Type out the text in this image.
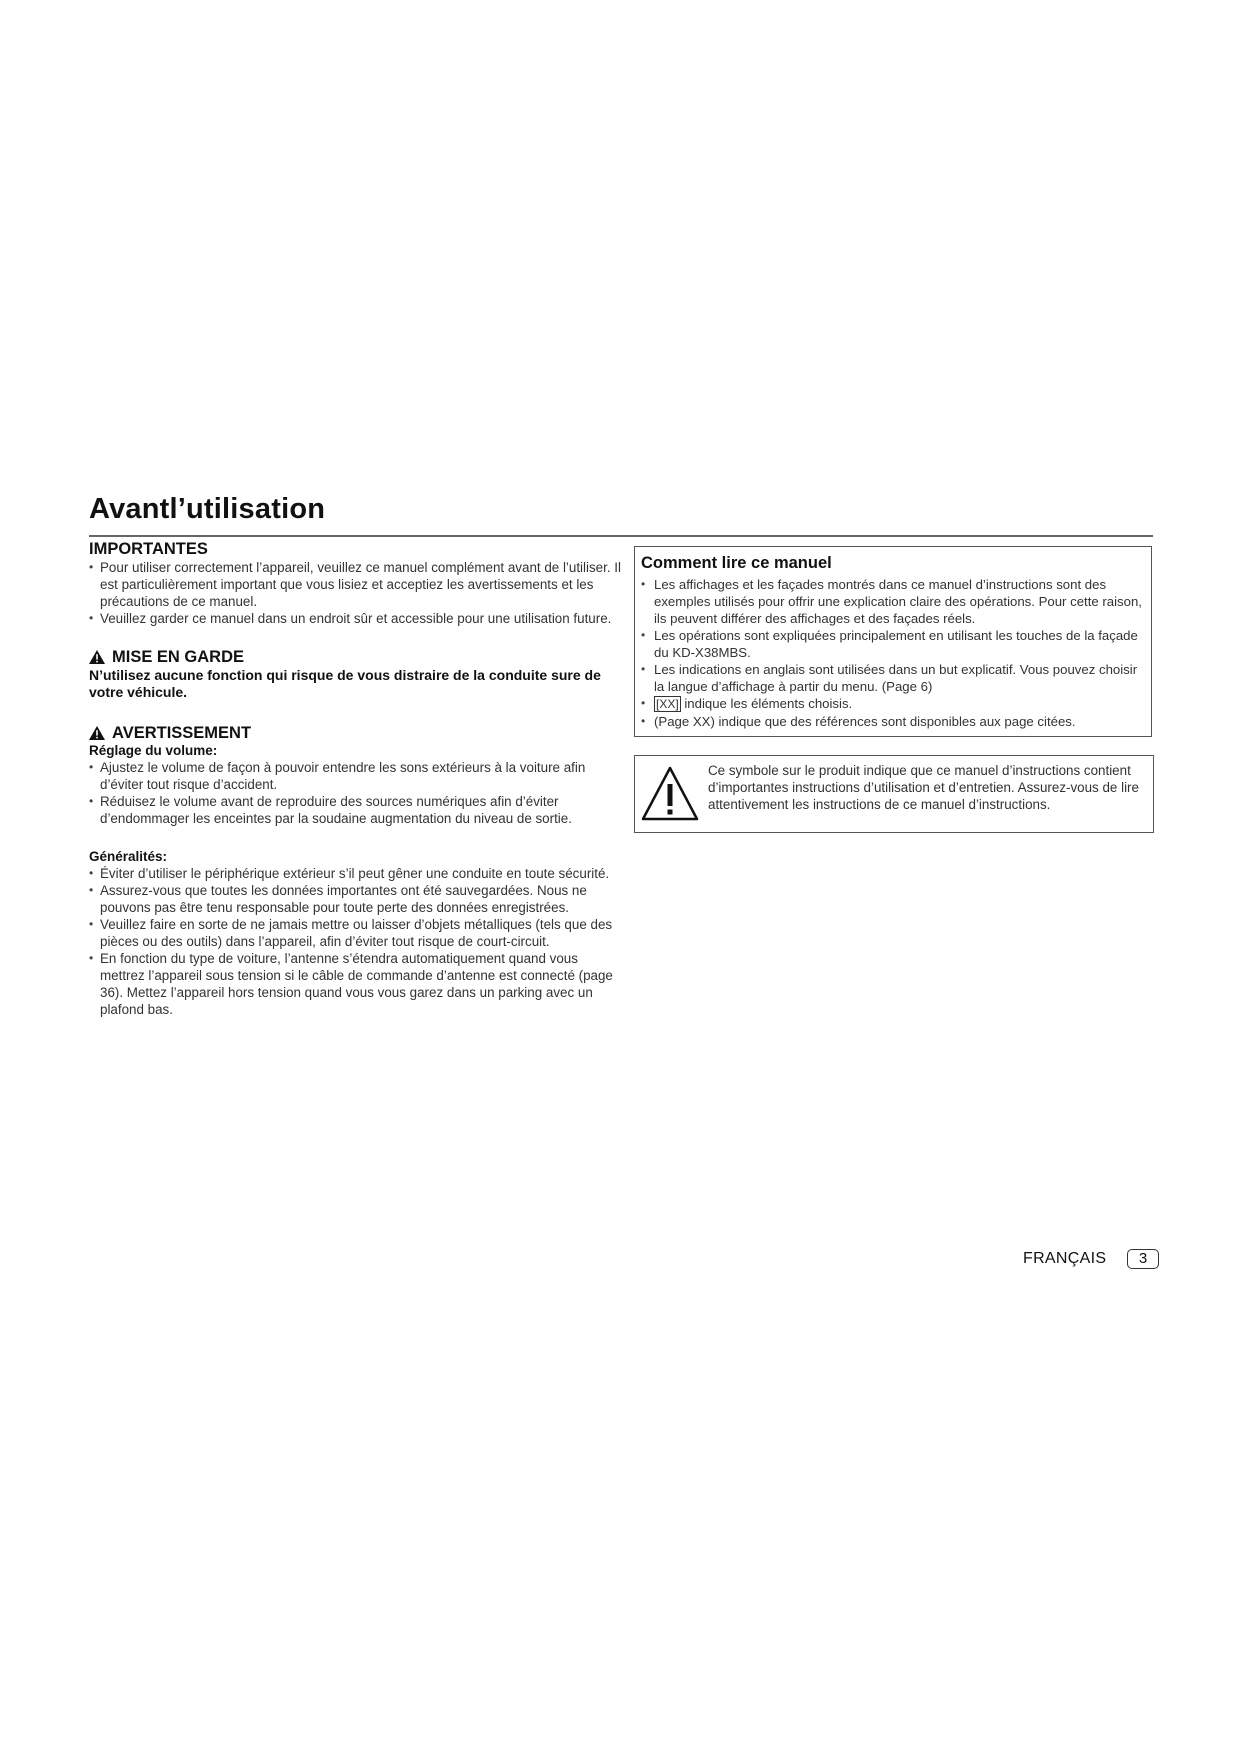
Avantl’utilisation
IMPORTANTES
• Pour utiliser correctement l’appareil, veuillez ce manuel complément avant de l’utiliser. Il est particulièrement important que vous lisiez et acceptiez les avertissements et les précautions de ce manuel.
• Veuillez garder ce manuel dans un endroit sûr et accessible pour une utilisation future.
MISE EN GARDE

N’utilisez aucune fonction qui risque de vous distraire de la conduite sure de votre véhicule.

AVERTISSEMENT

Réglage du volume:

• Ajustez le volume de façon à pouvoir entendre les sons extérieurs à la voiture afin d’éviter tout risque d’accident.
• Réduisez le volume avant de reproduire des sources numériques afin d’éviter d’endommager les enceintes par la soudaine augmentation du niveau de sortie.

Généralités:

• Éviter d’utiliser le périphérique extérieur s’il peut gêner une conduite en toute sécurité.
• Assurez-vous que toutes les données importantes ont été sauvegardées. Nous ne pouvons pas être tenu responsable pour toute perte des données enregistrées.
• Veuillez faire en sorte de ne jamais mettre ou laisser d’objets métalliques (tels que des pièces ou des outils) dans l’appareil, afin d’éviter tout risque de court-circuit.
• En fonction du type de voiture, l’antenne s’étendra automatiquement quand vous mettrez l’appareil sous tension si le câble de commande d’antenne est connecté (page 36). Mettez l’appareil hors tension quand vous vous garez dans un parking avec un plafond bas.
Comment lire ce manuel
• Les affichages et les façades montrés dans ce manuel d’instructions sont des exemples utilisés pour offrir une explication claire des opérations. Pour cette raison, ils peuvent différer des affichages et des façades réels.
• Les opérations sont expliquées principalement en utilisant les touches de la façade du KD-X38MBS.
• Les indications en anglais sont utilisées dans un but explicatif. Vous pouvez choisir la langue d’affichage à partir du menu. (Page 6)
• [XX] indique les éléments choisis.
• (Page XX) indique que des références sont disponibles aux page citées.

Ce symbole sur le produit indique que ce manuel d’instructions contient d’importantes instructions d’utilisation et d’entretien. Assurez-vous de lire attentivement les instructions de ce manuel d’instructions.

FRANÇAIS	3
